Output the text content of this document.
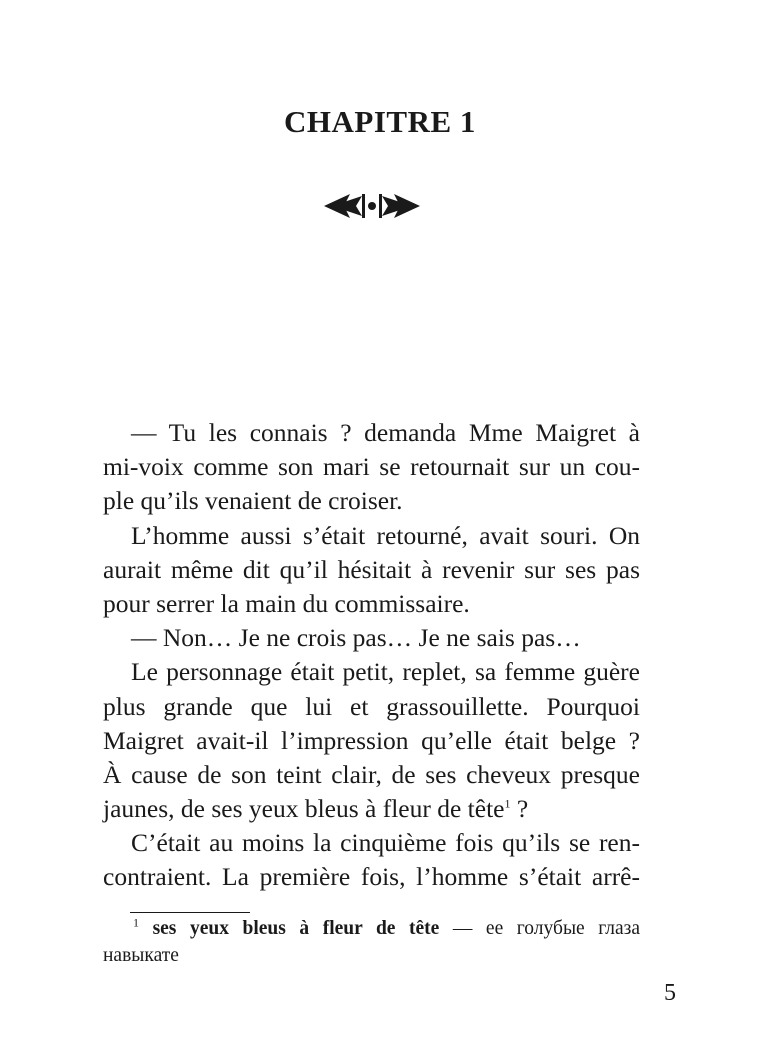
CHAPITRE 1
— Tu les connais ? demanda Mme Maigret à
mi-voix comme son mari se retournait sur un cou-
ple qu’ils venaient de croiser.
L’homme aussi s’était retourné, avait souri. On
aurait même dit qu’il hésitait à revenir sur ses pas
pour serrer la main du commissaire.
— Non… Je ne crois pas… Je ne sais pas…
Le personnage était petit, replet, sa femme guère
plus grande que lui et grassouillette. Pourquoi
Maigret avait-il l’impression qu’elle était belge ?
À cause de son teint clair, de ses cheveux presque
jaunes, de ses yeux bleus à fleur de tête$^1$ ?
C’était au moins la cinquième fois qu’ils se ren-
contraient. La première fois, l’homme s’était arrê-
$^1$ ses yeux bleus à fleur de tête — ее голубые глаза
навыкате
5
